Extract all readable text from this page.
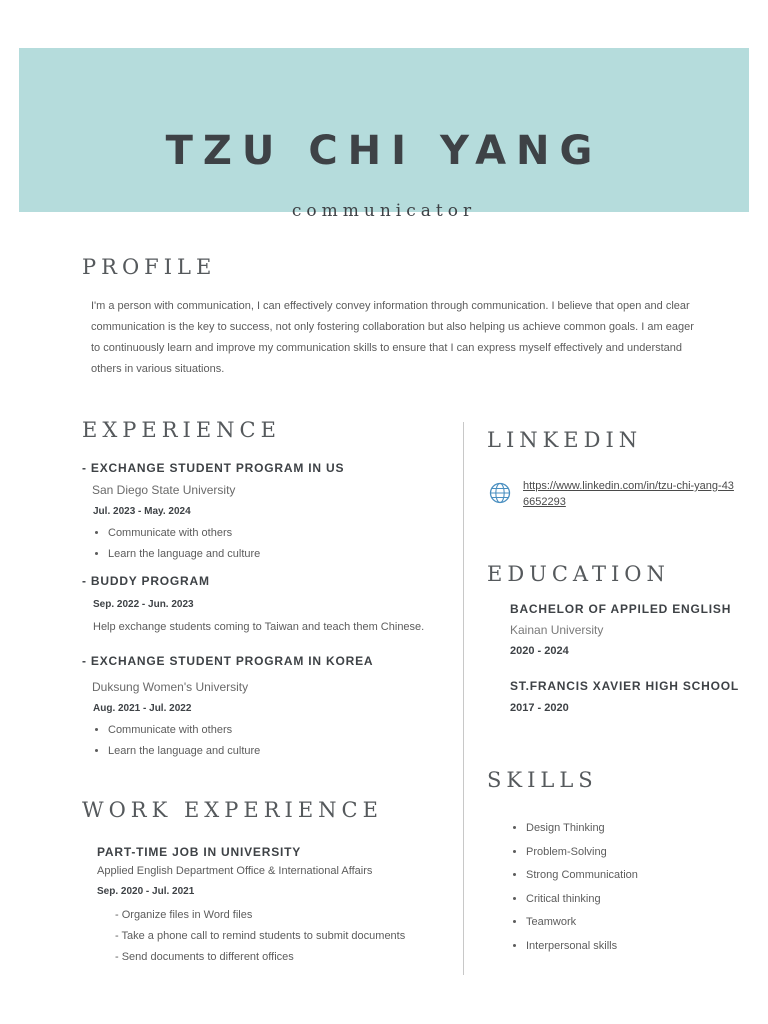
TZU CHI YANG
communicator
PROFILE
I'm a person with communication, I can effectively convey information through communication. I believe that open and clear communication is the key to success, not only fostering collaboration but also helping us achieve common goals. I am eager to continuously learn and improve my communication skills to ensure that I can express myself effectively and understand others in various situations.
EXPERIENCE
- EXCHANGE STUDENT PROGRAM IN US
San Diego State University
Jul. 2023 - May. 2024
• Communicate with others
• Learn the language and culture
- BUDDY PROGRAM
Sep. 2022 - Jun. 2023
Help exchange students coming to Taiwan and teach them Chinese.
- EXCHANGE STUDENT PROGRAM IN KOREA
Duksung Women's University
Aug. 2021 - Jul. 2022
• Communicate with others
• Learn the language and culture
WORK EXPERIENCE
PART-TIME JOB IN UNIVERSITY
Applied English Department Office & International Affairs
Sep. 2020 - Jul. 2021
- Organize files in Word files
- Take a phone call to remind students to submit documents
- Send documents to different offices
LINKEDIN
https://www.linkedin.com/in/tzu-chi-yang-436652293
EDUCATION
BACHELOR OF APPILED ENGLISH
Kainan University
2020 - 2024
ST.FRANCIS XAVIER HIGH SCHOOL
2017 - 2020
SKILLS
• Design Thinking
• Problem-Solving
• Strong Communication
• Critical thinking
• Teamwork
• Interpersonal skills
